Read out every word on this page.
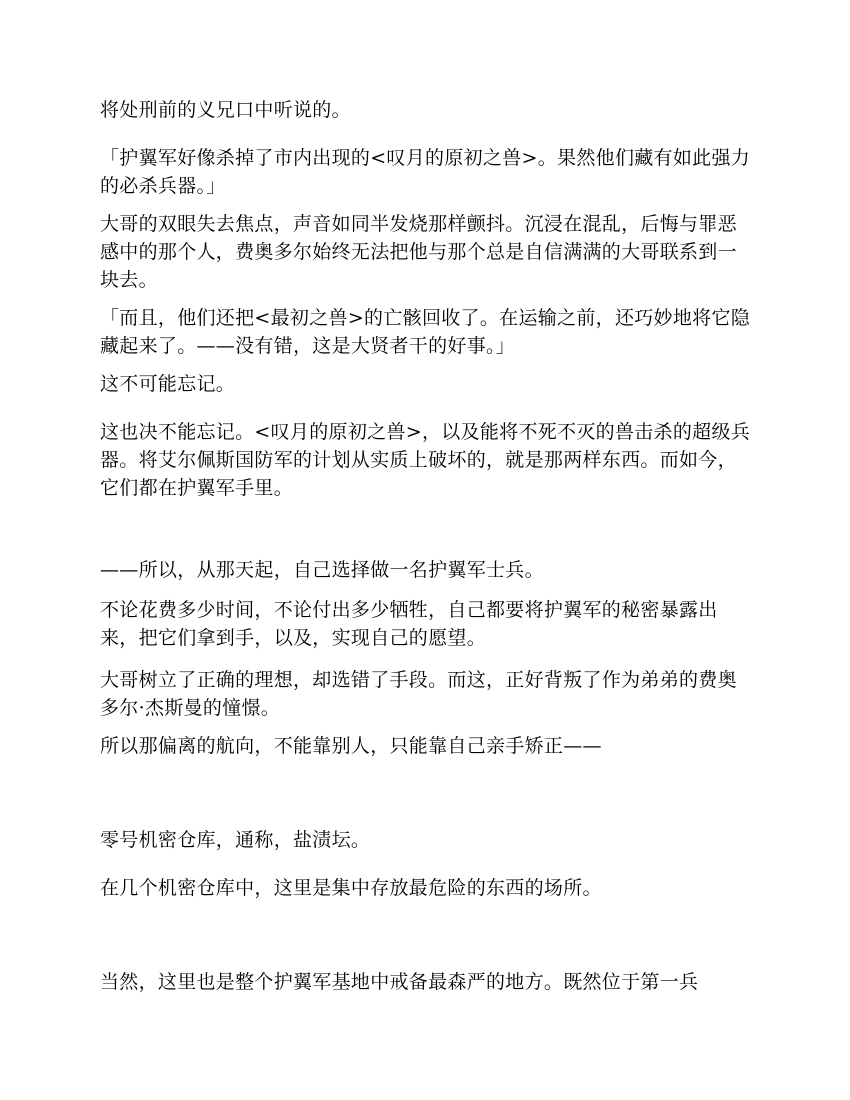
将处刑前的义兄口中听说的。

「护翼军好像杀掉了市内出现的<叹月的原初之兽>。果然他们藏有如此强力的必杀兵器。」

大哥的双眼失去焦点，声音如同半发烧那样颤抖。沉浸在混乱，后悔与罪恶感中的那个人，费奥多尔始终无法把他与那个总是自信满满的大哥联系到一块去。

「而且，他们还把<最初之兽>的亡骸回收了。在运输之前，还巧妙地将它隐藏起来了。——没有错，这是大贤者干的好事。」

这不可能忘记。

这也决不能忘记。<叹月的原初之兽>，以及能将不死不灭的兽击杀的超级兵器。将艾尔佩斯国防军的计划从实质上破坏的，就是那两样东西。而如今，它们都在护翼军手里。

——所以，从那天起，自己选择做一名护翼军士兵。

不论花费多少时间，不论付出多少牺牲，自己都要将护翼军的秘密暴露出来，把它们拿到手，以及，实现自己的愿望。

大哥树立了正确的理想，却选错了手段。而这，正好背叛了作为弟弟的费奥多尔·杰斯曼的憧憬。

所以那偏离的航向，不能靠别人，只能靠自己亲手矫正——

零号机密仓库，通称，盐渍坛。

在几个机密仓库中，这里是集中存放最危险的东西的场所。

当然，这里也是整个护翼军基地中戒备最森严的地方。既然位于第一兵
